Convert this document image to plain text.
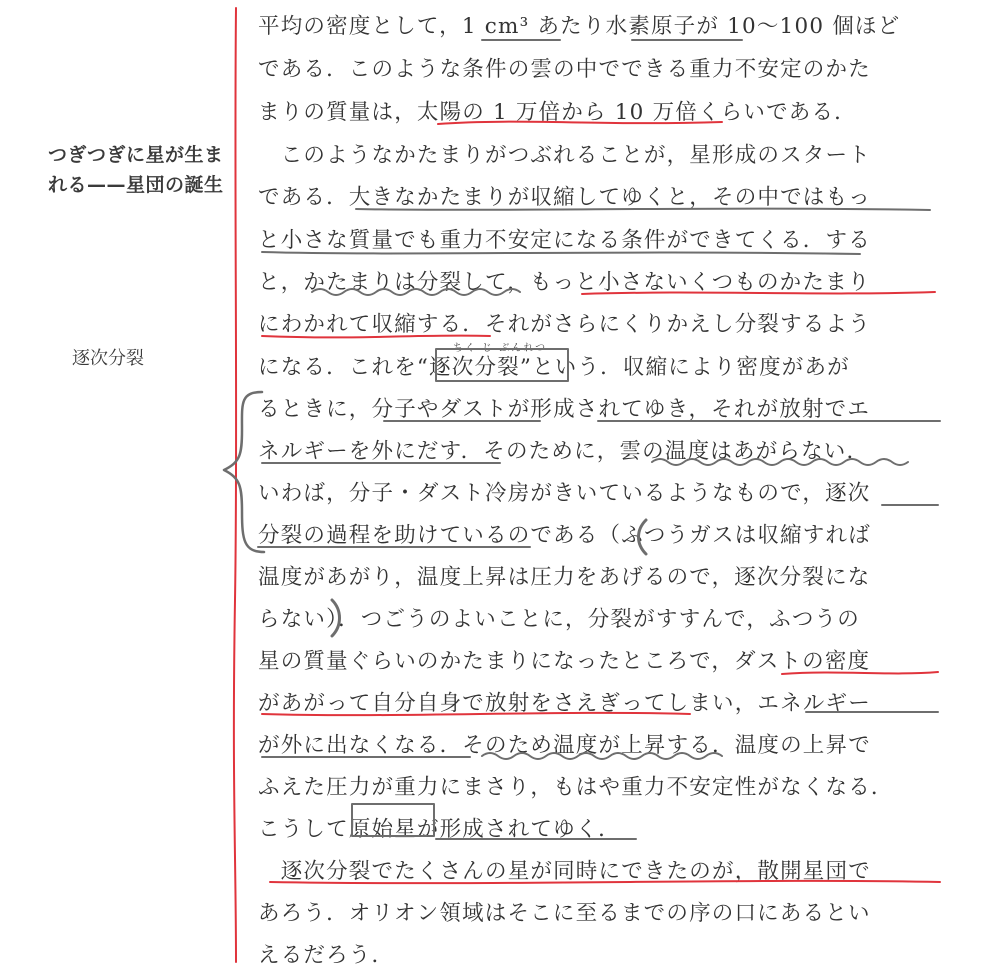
つぎつぎに星が生まれる——星団の誕生
逐次分裂	ちく じ ぶんれつ
平均の密度として，1 cm³ あたり水素原子が 10〜100 個ほど
である．このような条件の雲の中でできる重力不安定のかた
まりの質量は，太陽の 1 万倍から 10 万倍くらいである．
　このようなかたまりがつぶれることが，星形成のスタート
である．大きなかたまりが収縮してゆくと，その中ではもっ
と小さな質量でも重力不安定になる条件ができてくる．する
と，かたまりは分裂して，もっと小さないくつものかたまり
にわかれて収縮する．それがさらにくりかえし分裂するよう
になる．これを“逐次分裂”という．収縮により密度があが
るときに，分子やダストが形成されてゆき，それが放射でエ
ネルギーを外にだす．そのために，雲の温度はあがらない．
いわば，分子・ダスト冷房がきいているようなもので，逐次
分裂の過程を助けているのである（ふつうガスは収縮すれば
温度があがり，温度上昇は圧力をあげるので，逐次分裂にな
らない）．つごうのよいことに，分裂がすすんで，ふつうの
星の質量ぐらいのかたまりになったところで，ダストの密度
があがって自分自身で放射をさえぎってしまい，エネルギー
が外に出なくなる．そのため温度が上昇する．温度の上昇で
ふえた圧力が重力にまさり，もはや重力不安定性がなくなる．
こうして原始星が形成されてゆく．
　逐次分裂でたくさんの星が同時にできたのが，散開星団で
あろう．オリオン領域はそこに至るまでの序の口にあるとい
えるだろう．
